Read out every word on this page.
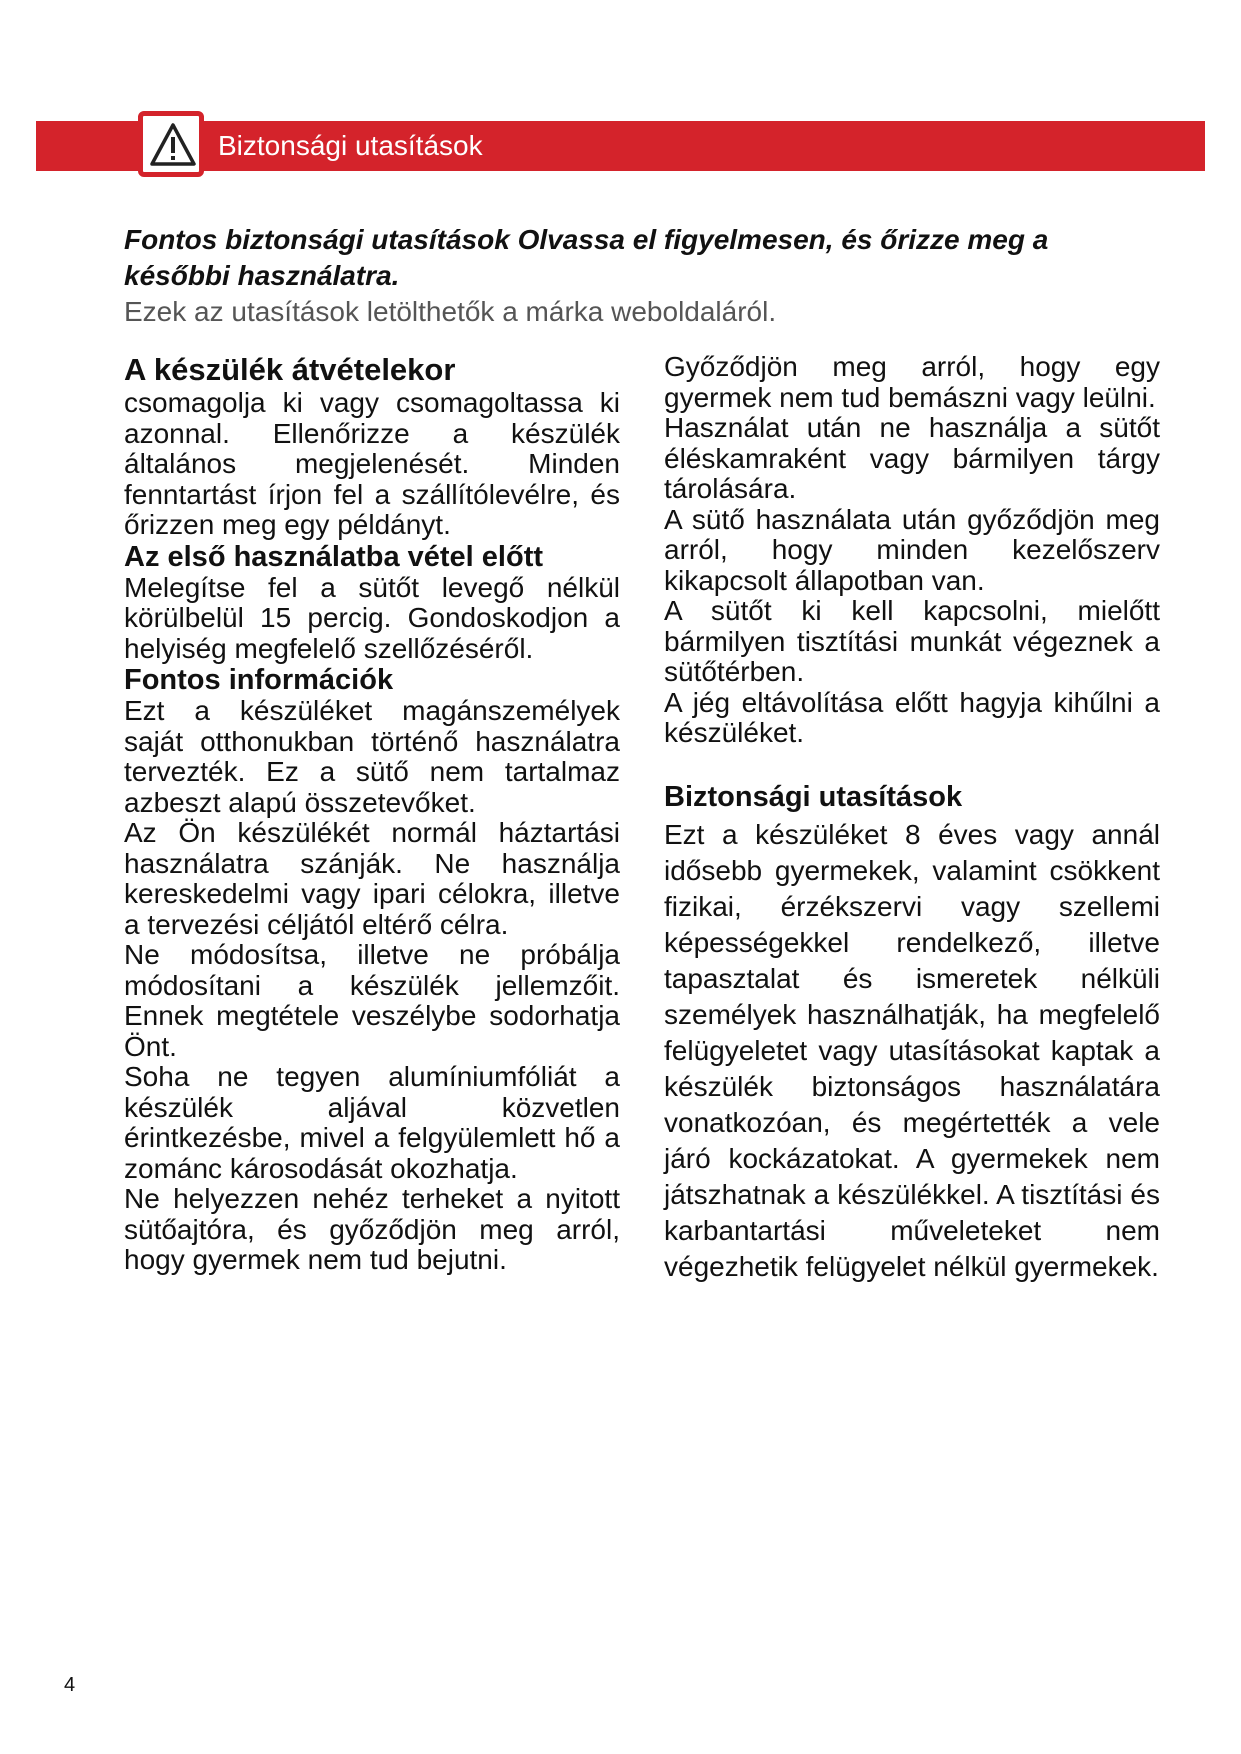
Biztonsági utasítások

Fontos biztonsági utasítások Olvassa el figyelmesen, és őrizze meg a későbbi használatra.

Ezek az utasítások letölthetők a márka weboldaláról.

A készülék átvételekor

csomagolja ki vagy csomagoltassa ki azonnal. Ellenőrizze a készülék általános megjelenését. Minden fenntartást írjon fel a szállítólevélre, és őrizzen meg egy példányt.

Az első használatba vétel előtt

Melegítse fel a sütőt levegő nélkül körülbelül 15 percig. Gondoskodjon a helyiség megfelelő szellőzéséről.

Fontos információk

Ezt a készüléket magánszemélyek saját otthonukban történő használatra tervezték. Ez a sütő nem tartalmaz azbeszt alapú összetevőket.

Az Ön készülékét normál háztartási használatra szánják. Ne használja kereskedelmi vagy ipari célokra, illetve a tervezési céljától eltérő célra.

Ne módosítsa, illetve ne próbálja módosítani a készülék jellemzőit. Ennek megtétele veszélybe sodorhatja Önt.

Soha ne tegyen alumíniumfóliát a készülék aljával közvetlen érintkezésbe, mivel a felgyülemlett hő a zománc károsodását okozhatja.

Ne helyezzen nehéz terheket a nyitott sütőajtóra, és győződjön meg arról, hogy gyermek nem tud bejutni.

Győződjön meg arról, hogy egy gyermek nem tud bemászni vagy leülni.

Használat után ne használja a sütőt éléskamraként vagy bármilyen tárgy tárolására.

A sütő használata után győződjön meg arról, hogy minden kezelőszerv kikapcsolt állapotban van.

A sütőt ki kell kapcsolni, mielőtt bármilyen tisztítási munkát végeznek a sütőtérben.

A jég eltávolítása előtt hagyja kihűlni a készüléket.

Biztonsági utasítások

Ezt a készüléket 8 éves vagy annál idősebb gyermekek, valamint csökkent fizikai, érzékszervi vagy szellemi képességekkel rendelkező, illetve tapasztalat és ismeretek nélküli személyek használhatják, ha megfelelő felügyeletet vagy utasításokat kaptak a készülék biztonságos használatára vonatkozóan, és megértették a vele járó kockázatokat. A gyermekek nem játszhatnak a készülékkel. A tisztítási és karbantartási műveleteket nem végezhetik felügyelet nélkül gyermekek.

4
